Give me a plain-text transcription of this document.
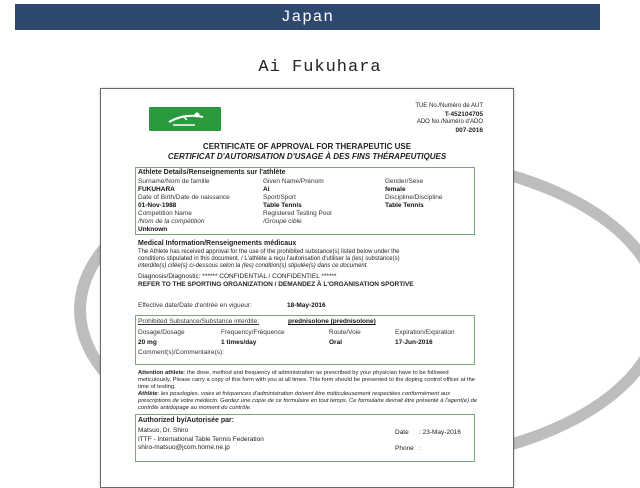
Japan
Ai Fukuhara
TUE No./Numéro de AUT
T-452104705
ADO No./Numéro d'ADO
007-2016
CERTIFICATE OF APPROVAL FOR THERAPEUTIC USE
CERTIFICAT D'AUTORISATION D'USAGE À DES FINS THÉRAPEUTIQUES
Athlete Details/Renseignements sur l'athlète
Surname/Nom de famille
FUKUHARA
Given Name/Prénom
Ai
Gender/Sexe
female
Date of Birth/Date de naissance
01-Nov-1988
Sport/Sport
Table Tennis
Discipline/Discipline
Table Tennis
Competition Name
/Nom de la compétition
Unknown
Registered Testing Pool
/Groupe cible
Medical Information/Renseignements médicaux
The Athlete has received approval for the use of the prohibited substance(s) listed below under the
conditions stipulated in this document. / L'athlète a reçu l'autorisation d'utiliser la (les) substance(s)
interdite(s) citée(s) ci-dessous selon la (les) condition(s) stipulée(s) dans ce document.
Diagnosis/Diagnostic: ****** CONFIDENTIAL / CONFIDENTIEL ******
REFER TO THE SPORTING ORGANIZATION / DEMANDEZ À L'ORGANISATION SPORTIVE
Effective date/Date d'entrée en vigueur:	18-May-2016
Prohibited Substance/Substance interdite:	prednisolone (prednisolone)
Dosage/Dosage
20 mg
Frequency/Fréquence
1 times/day
Route/Voie
Oral
Expiration/Expiration
17-Jun-2016
Comment(s)/Commentaire(s):
Attention athlete: the dose, method and frequency of administration as prescribed by your physician have to be followed meticulously. Please carry a copy of this form with you at all times. This form should be presented to the doping control officer at the time of testing.
Athlète: les posologies, voies et fréquences d'administration doivent être méticuleusement respectées conformément aux prescriptions de votre médecin. Gardez une copie de ce formulaire en tout temps. Ce formulaire devrait être présenté à l'agent(e) de contrôle antidopage au moment du contrôle.
Authorized by/Autorisée par:
Matsuo, Dr. Shiro
ITTF - International Table Tennis Federation
shiro-matsuo@jcom.home.ne.jp
Date : 23-May-2016
Phone :
